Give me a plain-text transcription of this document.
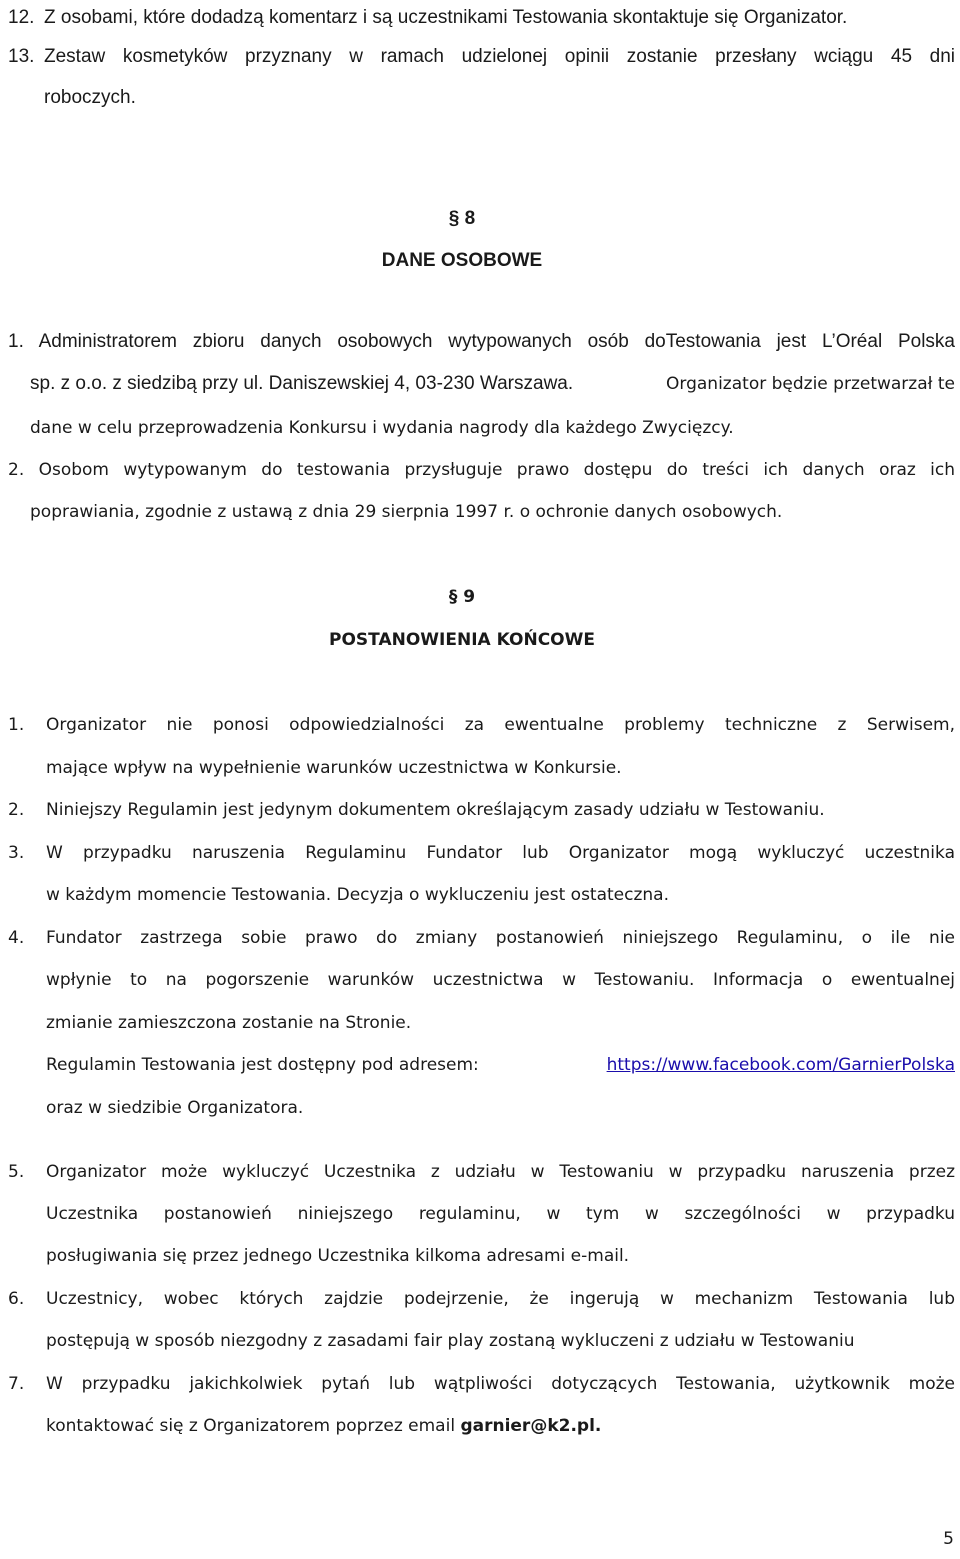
12. Z osobami, które dodadzą komentarz i są uczestnikami Testowania skontaktuje się Organizator.
13. Zestaw kosmetyków przyznany w ramach udzielonej opinii zostanie przesłany wciągu 45 dni
roboczych.
§ 8
DANE OSOBOWE
1. Administratorem zbioru danych osobowych wytypowanych osób doTestowania jest L’Oréal Polska
sp. z o.o. z siedzibą przy ul. Daniszewskiej 4, 03-230 Warszawa.	Organizator będzie przetwarzał te
dane w celu przeprowadzenia Konkursu i wydania nagrody dla każdego Zwycięzcy.
2. Osobom wytypowanym do testowania przysługuje prawo dostępu do treści ich danych oraz ich
poprawiania, zgodnie z ustawą z dnia 29 sierpnia 1997 r. o ochronie danych osobowych.
§ 9
POSTANOWIENIA KOŃCOWE
1. Organizator nie ponosi odpowiedzialności za ewentualne problemy techniczne z Serwisem,
mające wpływ na wypełnienie warunków uczestnictwa w Konkursie.
2. Niniejszy Regulamin jest jedynym dokumentem określającym zasady udziału w Testowaniu.
3. W przypadku naruszenia Regulaminu Fundator lub Organizator mogą wykluczyć uczestnika
w każdym momencie Testowania. Decyzja o wykluczeniu jest ostateczna.
4. Fundator zastrzega sobie prawo do zmiany postanowień niniejszego Regulaminu, o ile nie
wpłynie to na pogorszenie warunków uczestnictwa w Testowaniu. Informacja o ewentualnej
zmianie zamieszczona zostanie na Stronie.
Regulamin Testowania jest dostępny pod adresem:	https://www.facebook.com/GarnierPolska
oraz w siedzibie Organizatora.
5. Organizator może wykluczyć Uczestnika z udziału w Testowaniu w przypadku naruszenia przez
Uczestnika postanowień niniejszego regulaminu, w tym w szczególności w przypadku
posługiwania się przez jednego Uczestnika kilkoma adresami e-mail.
6. Uczestnicy, wobec których zajdzie podejrzenie, że ingerują w mechanizm Testowania lub
postępują w sposób niezgodny z zasadami fair play zostaną wykluczeni z udziału w Testowaniu
7. W przypadku jakichkolwiek pytań lub wątpliwości dotyczących Testowania, użytkownik może
kontaktować się z Organizatorem poprzez email garnier@k2.pl.
5
